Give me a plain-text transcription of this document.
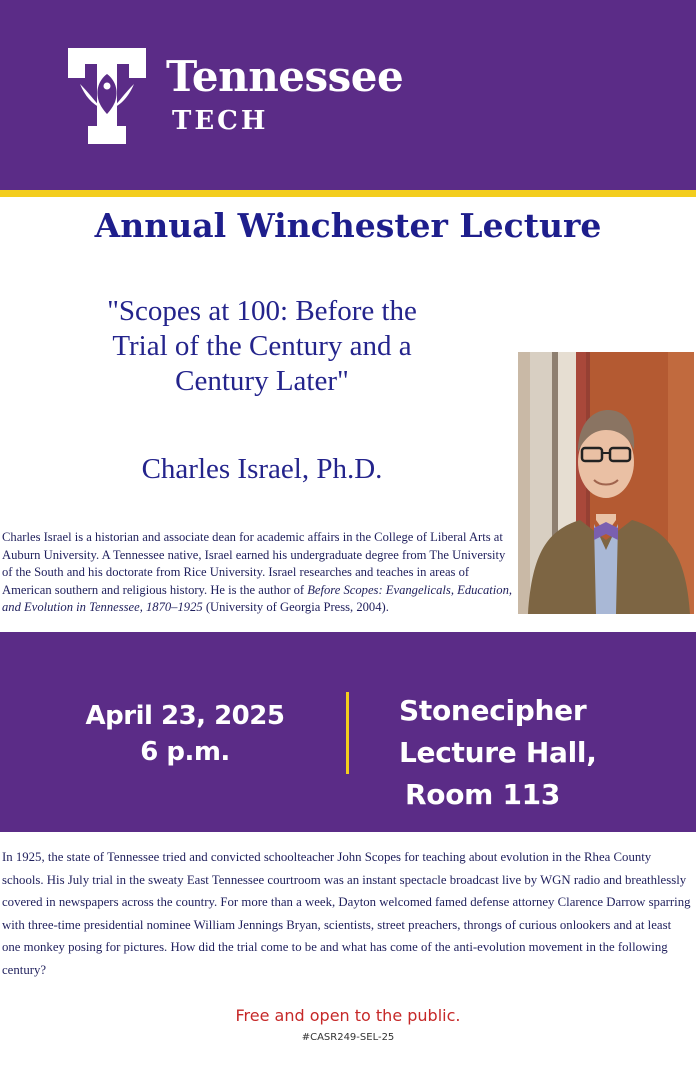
Tennessee
TECH
Annual Winchester Lecture
"Scopes at 100: Before the
Trial of the Century and a
Century Later"
Charles Israel, Ph.D.
Charles Israel is a historian and associate dean for academic affairs in the College of Liberal Arts at Auburn University. A Tennessee native, Israel earned his undergraduate degree from The University of the South and his doctorate from Rice University. Israel researches and teaches in areas of American southern and religious history. He is the author of Before Scopes: Evangelicals, Education, and Evolution in Tennessee, 1870–1925 (University of Georgia Press, 2004).
April 23, 2025
6 p.m.
Stonecipher
Lecture Hall,
Room 113
In 1925, the state of Tennessee tried and convicted schoolteacher John Scopes for teaching about evolution in the Rhea County schools. His July trial in the sweaty East Tennessee courtroom was an instant spectacle broadcast live by WGN radio and breathlessly covered in newspapers across the country. For more than a week, Dayton welcomed famed defense attorney Clarence Darrow sparring with three-time presidential nominee William Jennings Bryan, scientists, street preachers, throngs of curious onlookers and at least one monkey posing for pictures. How did the trial come to be and what has come of the anti-evolution movement in the following century?
Free and open to the public.
#CASR249-SEL-25
